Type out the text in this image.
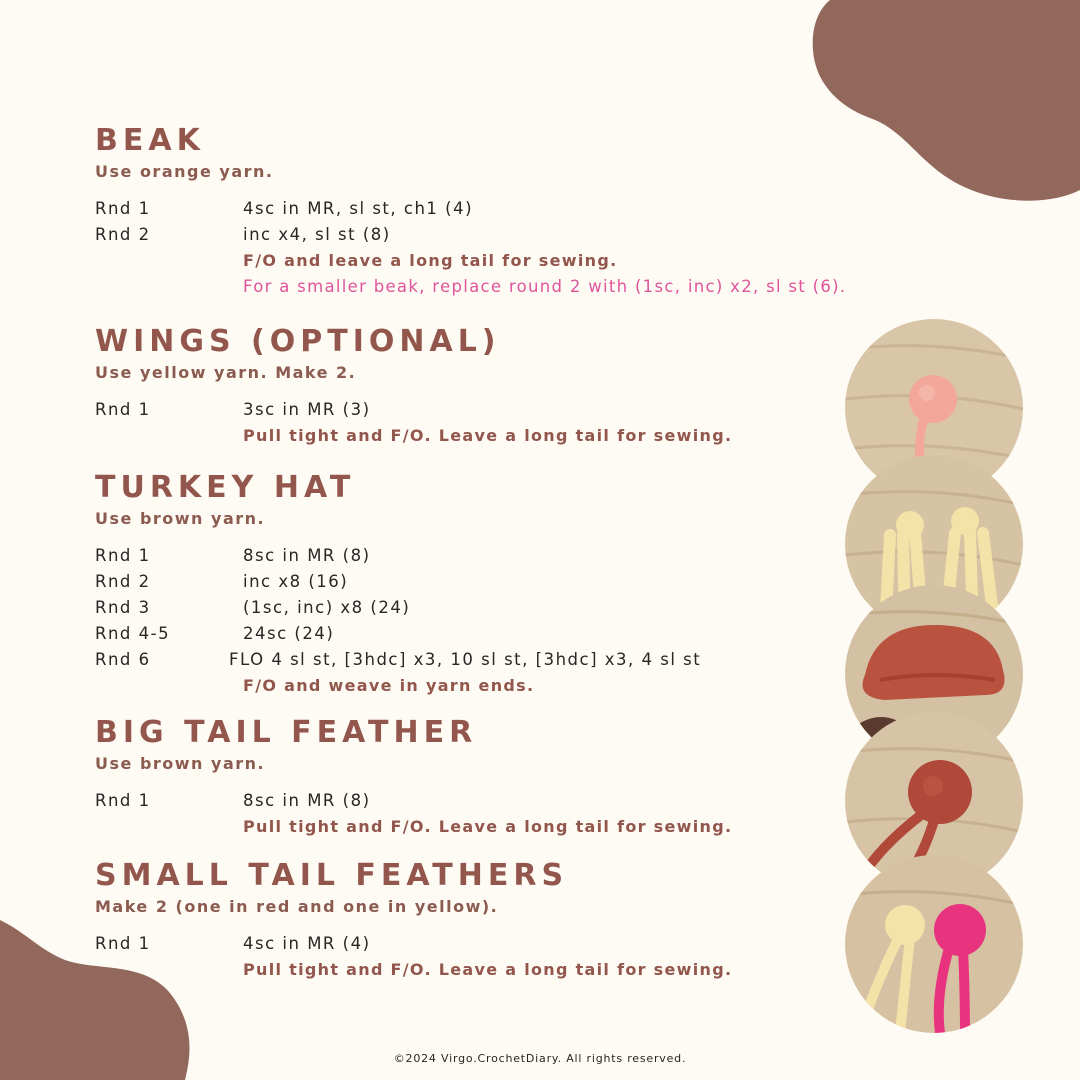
BEAK

Use orange yarn.

Rnd 1	4sc in MR, sl st, ch1 (4)
Rnd 2	inc x4, sl st (8)
F/O and leave a long tail for sewing.
For a smaller beak, replace round 2 with (1sc, inc) x2, sl st (6).
WINGS (OPTIONAL)

Use yellow yarn. Make 2.

Rnd 1	3sc in MR (3)
Pull tight and F/O. Leave a long tail for sewing.
TURKEY HAT

Use brown yarn.

Rnd 1	8sc in MR (8)
Rnd 2	inc x8 (16)
Rnd 3	(1sc, inc) x8 (24)
Rnd 4-5	24sc (24)
Rnd 6	FLO 4 sl st, [3hdc] x3, 10 sl st, [3hdc] x3, 4 sl st
F/O and weave in yarn ends.
BIG TAIL FEATHER

Use brown yarn.

Rnd 1	8sc in MR (8)
Pull tight and F/O. Leave a long tail for sewing.
SMALL TAIL FEATHERS

Make 2 (one in red and one in yellow).

Rnd 1	4sc in MR (4)
Pull tight and F/O. Leave a long tail for sewing.
©2024 Virgo.CrochetDiary. All rights reserved.
